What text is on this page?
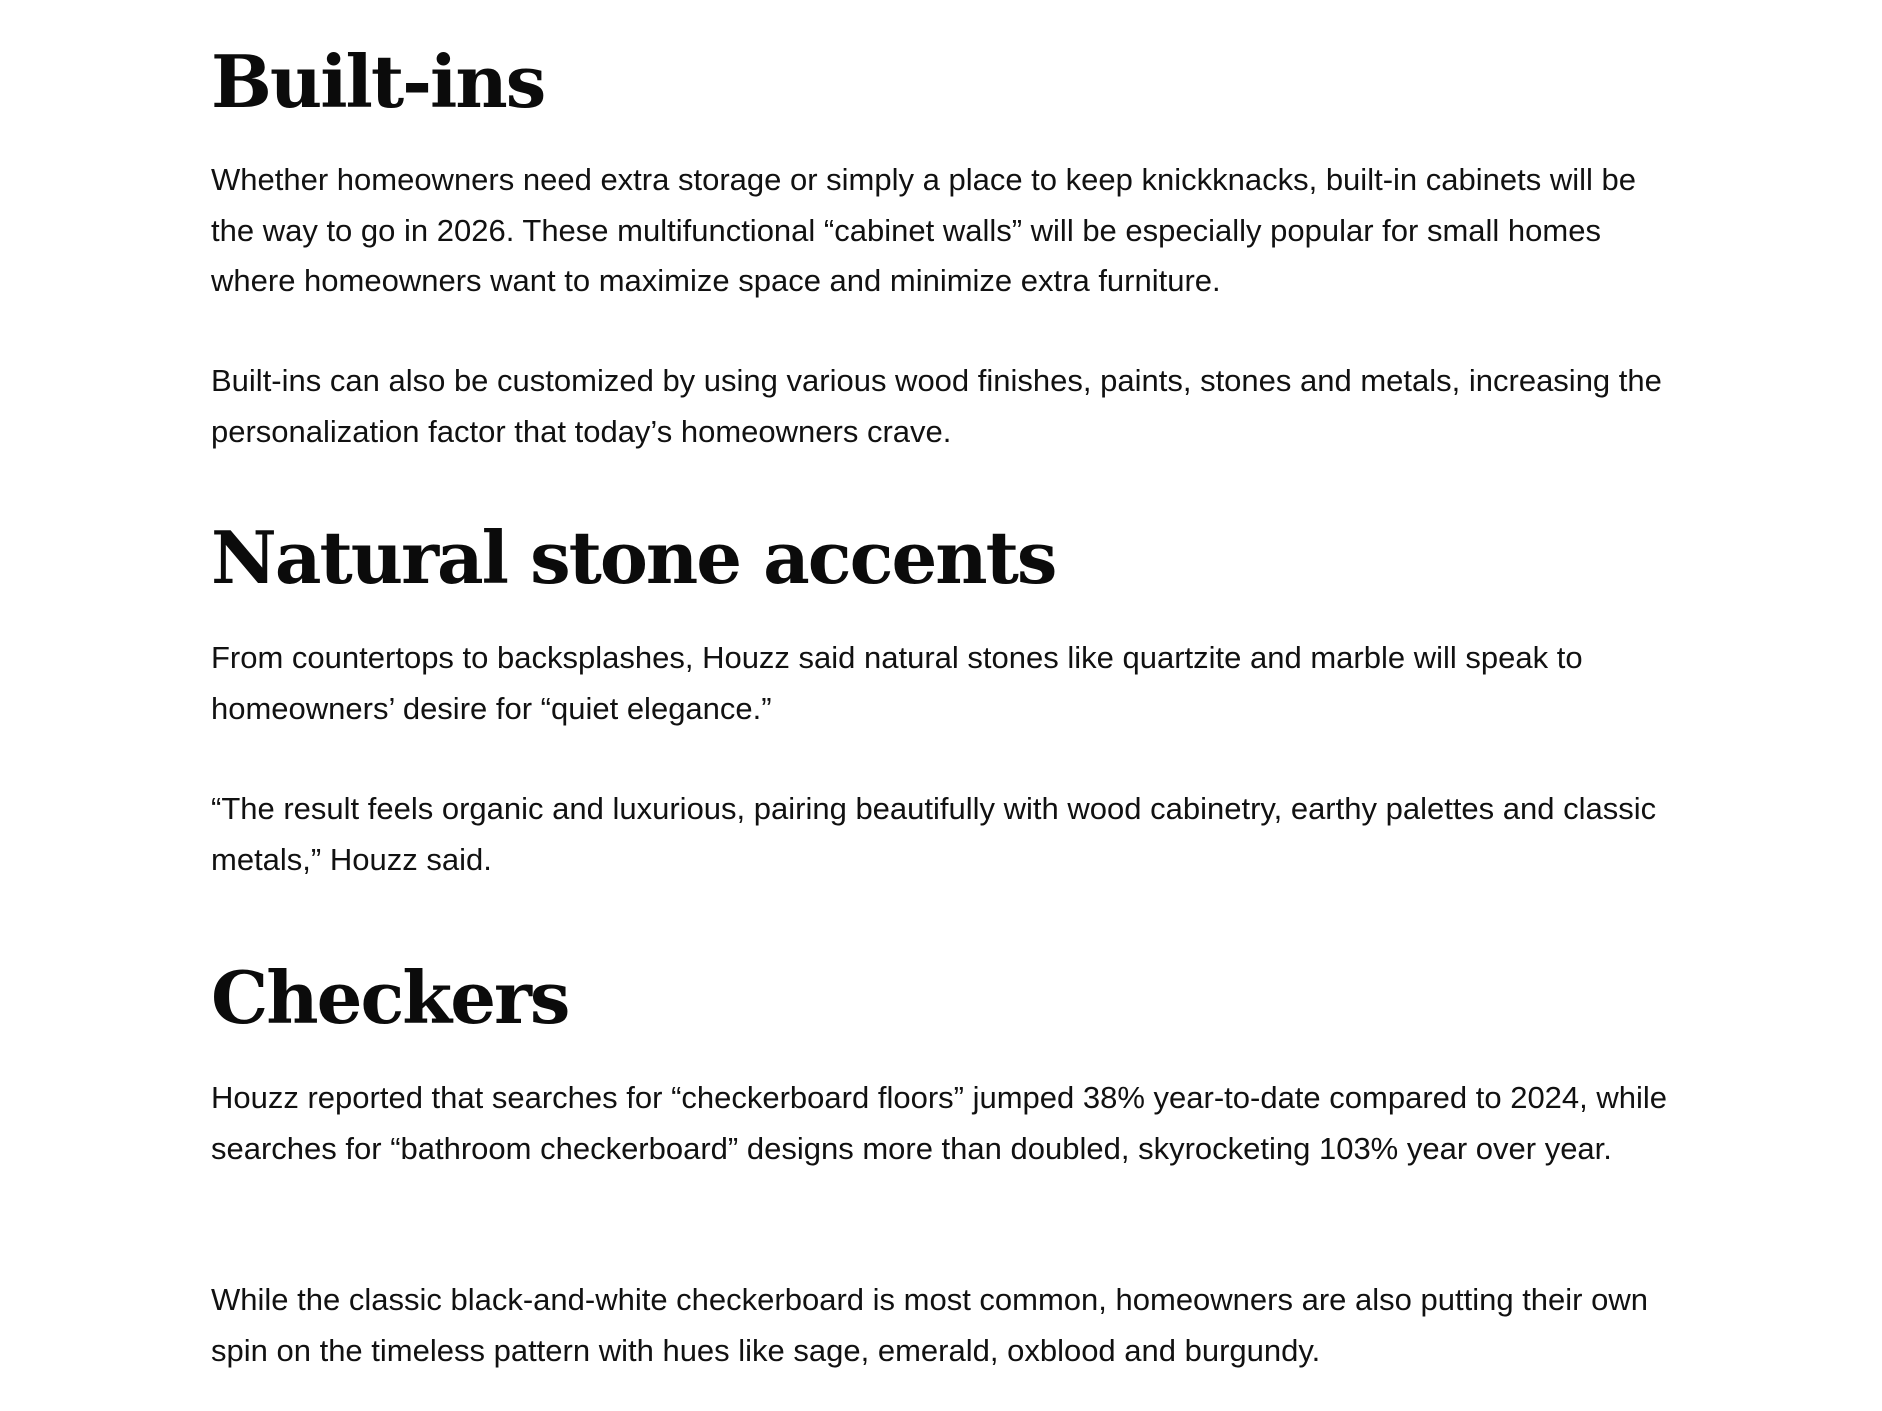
Built-ins

Whether homeowners need extra storage or simply a place to keep knickknacks, built-in cabinets will be the way to go in 2026. These multifunctional “cabinet walls” will be especially popular for small homes where homeowners want to maximize space and minimize extra furniture.

Built-ins can also be customized by using various wood finishes, paints, stones and metals, increasing the personalization factor that today’s homeowners crave.

Natural stone accents

From countertops to backsplashes, Houzz said natural stones like quartzite and marble will speak to homeowners’ desire for “quiet elegance.”

“The result feels organic and luxurious, pairing beautifully with wood cabinetry, earthy palettes and classic metals,” Houzz said.

Checkers

Houzz reported that searches for “checkerboard floors” jumped 38% year-to-date compared to 2024, while searches for “bathroom checkerboard” designs more than doubled, skyrocketing 103% year over year.

While the classic black-and-white checkerboard is most common, homeowners are also putting their own spin on the timeless pattern with hues like sage, emerald, oxblood and burgundy.
